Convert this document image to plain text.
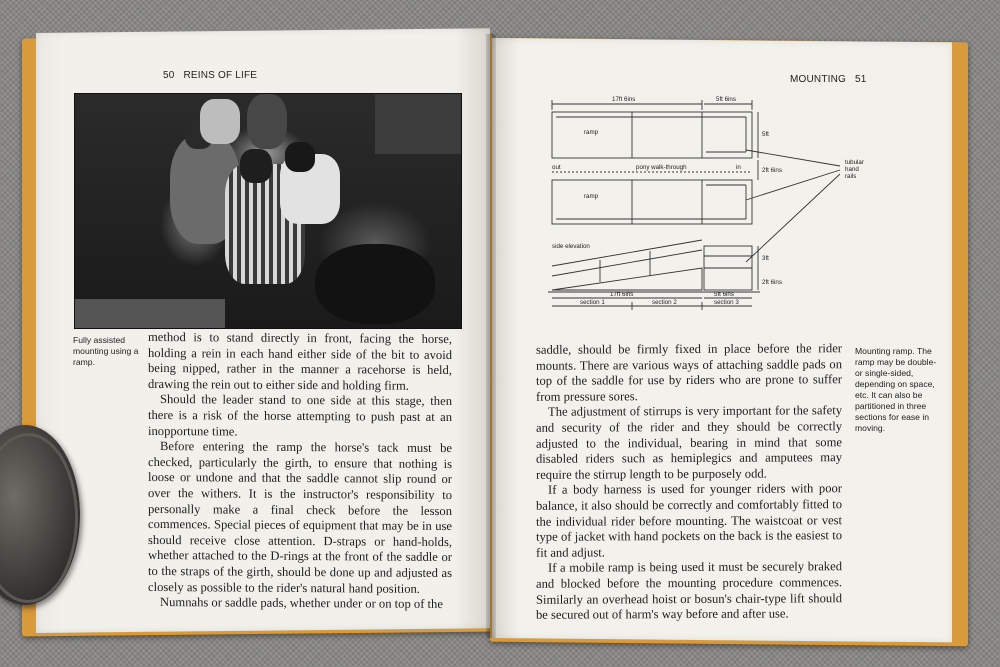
50   REINS OF LIFE
Fully assisted
mounting using a
ramp.

method is to stand directly in front, facing the horse, holding a rein in each hand either side of the bit to avoid being nipped, rather in the manner a racehorse is held, drawing the rein out to either side and holding firm.

Should the leader stand to one side at this stage, then there is a risk of the horse attempting to push past at an inopportune time.

Before entering the ramp the horse's tack must be checked, particularly the girth, to ensure that nothing is loose or undone and that the saddle cannot slip round or over the withers. It is the instructor's responsibility to personally make a final check before the lesson commences. Special pieces of equipment that may be in use should receive close attention. D-straps or hand-holds, whether attached to the D-rings at the front of the saddle or to the straps of the girth, should be done up and adjusted as closely as possible to the rider's natural hand position.

Numnahs or saddle pads, whether under or on top of the

MOUNTING   51
17ft 6ins	5ft 6ins
ramp	5ft
out	pony walk-through	in	2ft 6ins
ramp
tubular
hand
rails
side elevation
3ft
2ft 6ins
17ft 6ins	5ft 6ins
section 1	section 2	section 3
Mounting ramp. The
ramp may be double-
or single-sided,
depending on space,
etc. It can also be
partitioned in three
sections for ease in
moving.

saddle, should be firmly fixed in place before the rider mounts. There are various ways of attaching saddle pads on top of the saddle for use by riders who are prone to suffer from pressure sores.

The adjustment of stirrups is very important for the safety and security of the rider and they should be correctly adjusted to the individual, bearing in mind that some disabled riders such as hemiplegics and amputees may require the stirrup length to be purposely odd.

If a body harness is used for younger riders with poor balance, it also should be correctly and comfortably fitted to the individual rider before mounting. The waistcoat or vest type of jacket with hand pockets on the back is the easiest to fit and adjust.

If a mobile ramp is being used it must be securely braked and blocked before the mounting procedure commences. Similarly an overhead hoist or bosun's chair-type lift should be secured out of harm's way before and after use.
